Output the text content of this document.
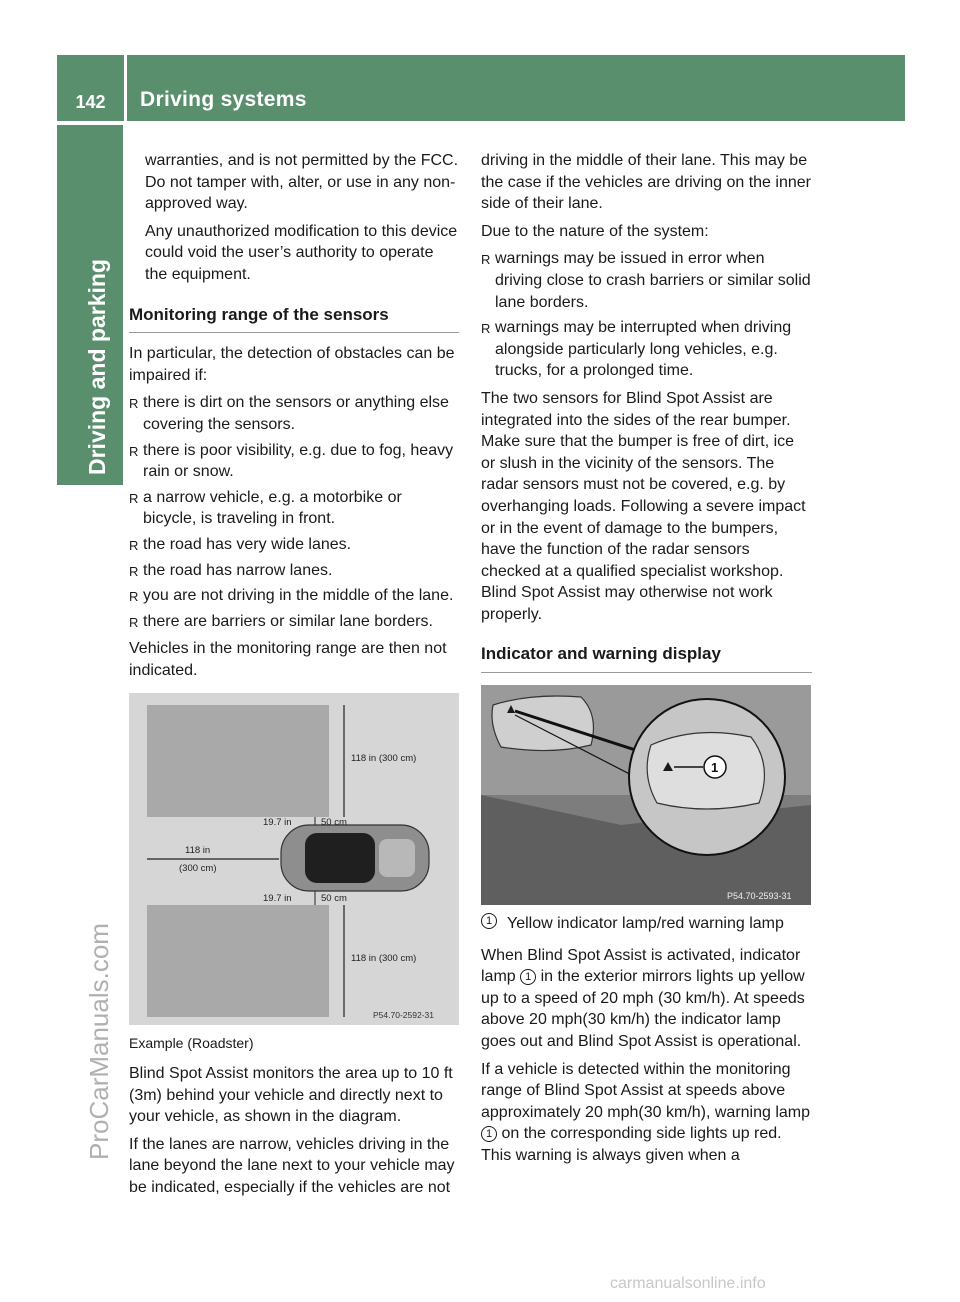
142	Driving systems
Driving and parking
ProCarManuals.com

warranties, and is not permitted by the FCC. Do not tamper with, alter, or use in any non-approved way.

Any unauthorized modification to this device could void the user’s authority to operate the equipment.

Monitoring range of the sensors

In particular, the detection of obstacles can be impaired if:

R there is dirt on the sensors or anything else covering the sensors.
R there is poor visibility, e.g. due to fog, heavy rain or snow.
R a narrow vehicle, e.g. a motorbike or bicycle, is traveling in front.
R the road has very wide lanes.
R the road has narrow lanes.
R you are not driving in the middle of the lane.
R there are barriers or similar lane borders.

Vehicles in the monitoring range are then not indicated.

118 in (300 cm)
19.7 in	50 cm
118 in
(300 cm)
19.7 in	50 cm
118 in (300 cm)
P54.70-2592-31
Example (Roadster)

Blind Spot Assist monitors the area up to 10 ft (3m) behind your vehicle and directly next to your vehicle, as shown in the diagram.

If the lanes are narrow, vehicles driving in the lane beyond the lane next to your vehicle may be indicated, especially if the vehicles are not

driving in the middle of their lane. This may be the case if the vehicles are driving on the inner side of their lane.

Due to the nature of the system:

R warnings may be issued in error when driving close to crash barriers or similar solid lane borders.
R warnings may be interrupted when driving alongside particularly long vehicles, e.g. trucks, for a prolonged time.

The two sensors for Blind Spot Assist are integrated into the sides of the rear bumper. Make sure that the bumper is free of dirt, ice or slush in the vicinity of the sensors. The radar sensors must not be covered, e.g. by overhanging loads. Following a severe impact or in the event of damage to the bumpers, have the function of the radar sensors checked at a qualified specialist workshop. Blind Spot Assist may otherwise not work properly.

Indicator and warning display
1
P54.70-2593-31
1 Yellow indicator lamp/red warning lamp

When Blind Spot Assist is activated, indicator lamp 1 in the exterior mirrors lights up yellow up to a speed of 20 mph (30 km/h). At speeds above 20 mph(30 km/h) the indicator lamp goes out and Blind Spot Assist is operational.

If a vehicle is detected within the monitoring range of Blind Spot Assist at speeds above approximately 20 mph(30 km/h), warning lamp 1 on the corresponding side lights up red. This warning is always given when a

carmanualsonline.info
